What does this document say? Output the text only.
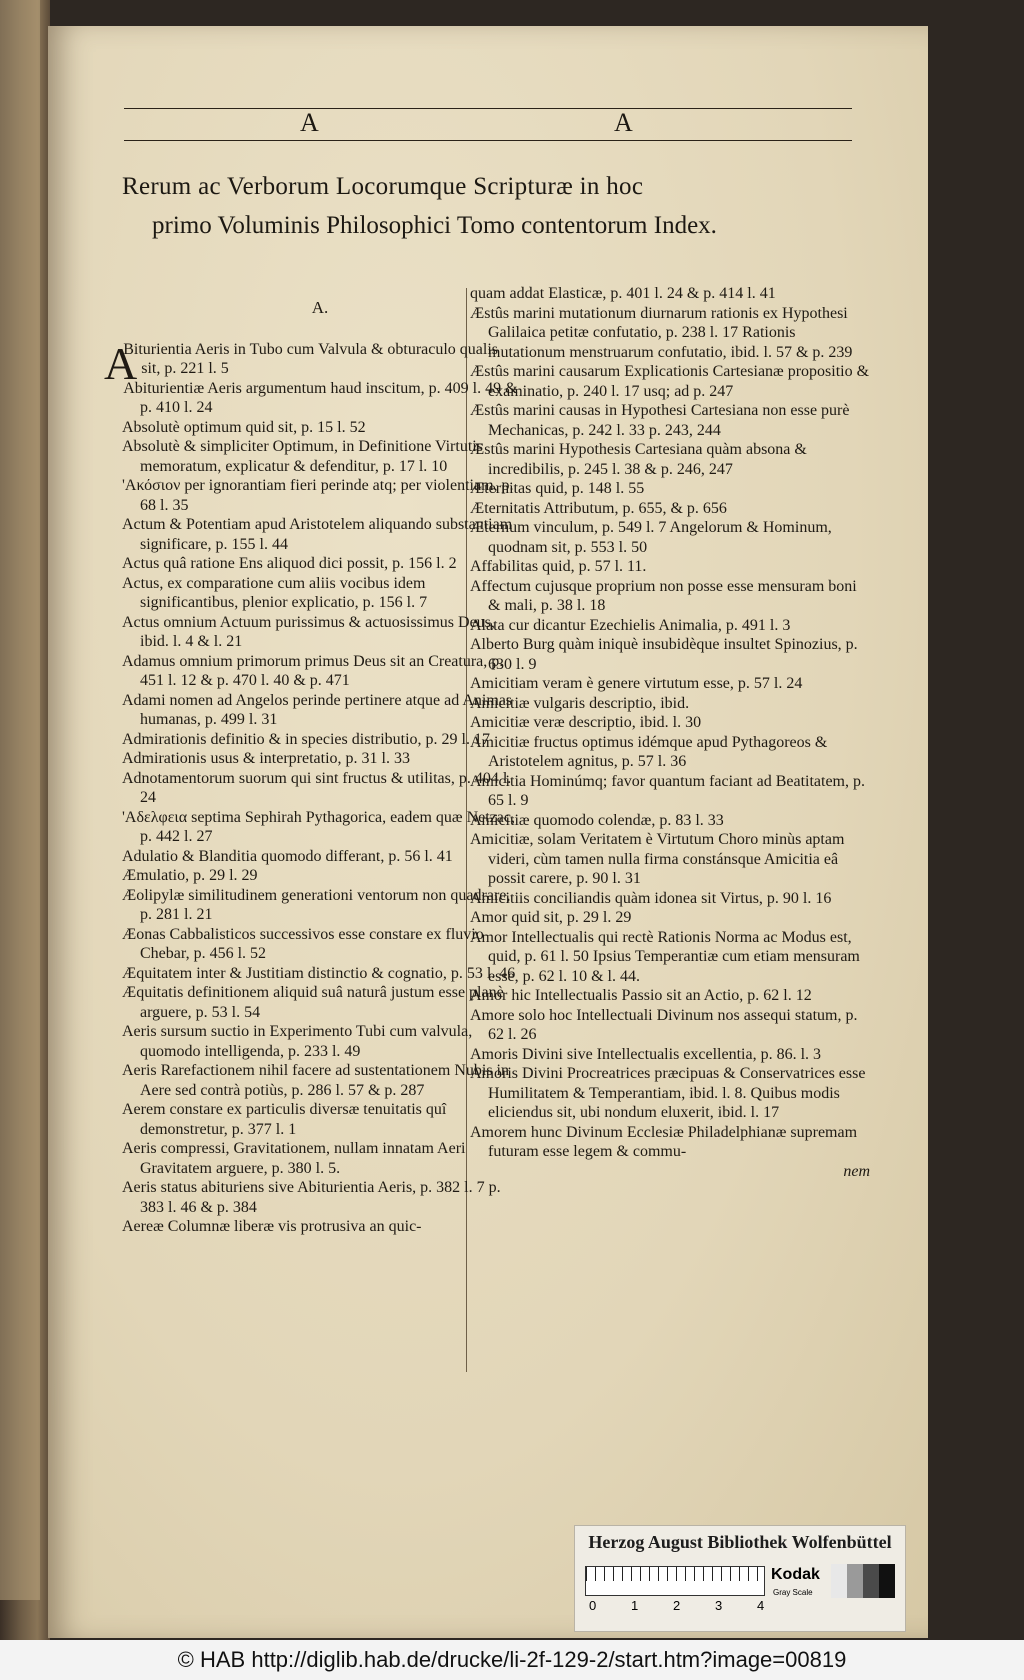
A	A
Rerum ac Verborum Locorumque Scripturæ in hoc
primo Voluminis Philosophici Tomo contentorum Index.
A.
A
Biturientia Aeris in Tubo cum Valvula & obturaculo qualis sit, p. 221 l. 5
Abiturientiæ Aeris argumentum haud inscitum, p. 409 l. 49 & p. 410 l. 24
Absolutè optimum quid sit, p. 15 l. 52
Absolutè & simpliciter Optimum, in Definitione Virtutis memoratum, explicatur & defenditur, p. 17 l. 10
'Ακόσιον per ignorantiam fieri perinde atq; per violentiam, p. 68 l. 35
Actum & Potentiam apud Aristotelem aliquando substantiam significare, p. 155 l. 44
Actus quâ ratione Ens aliquod dici possit, p. 156 l. 2
Actus, ex comparatione cum aliis vocibus idem significantibus, plenior explicatio, p. 156 l. 7
Actus omnium Actuum purissimus & actuosissimus Deus, ibid. l. 4 & l. 21
Adamus omnium primorum primus Deus sit an Creatura, p. 451 l. 12 & p. 470 l. 40 & p. 471
Adami nomen ad Angelos perinde pertinere atque ad Animas humanas, p. 499 l. 31
Admirationis definitio & in species distributio, p. 29 l. 17
Admirationis usus & interpretatio, p. 31 l. 33
Adnotamentorum suorum qui sint fructus & utilitas, p. 404 l. 24
'Αδελφεια septima Sephirah Pythagorica, eadem quæ Netzac, p. 442 l. 27
Adulatio & Blanditia quomodo differant, p. 56 l. 41
Æmulatio, p. 29 l. 29
Æolipylæ similitudinem generationi ventorum non quadrare, p. 281 l. 21
Æonas Cabbalisticos successivos esse constare ex fluvio Chebar, p. 456 l. 52
Æquitatem inter & Justitiam distinctio & cognatio, p. 53 l. 46
Æquitatis definitionem aliquid suâ naturâ justum esse planè arguere, p. 53 l. 54
Aeris sursum suctio in Experimento Tubi cum valvula, quomodo intelligenda, p. 233 l. 49
Aeris Rarefactionem nihil facere ad sustentationem Nubis in Aere sed contrà potiùs, p. 286 l. 57 & p. 287
Aerem constare ex particulis diversæ tenuitatis quî demonstretur, p. 377 l. 1
Aeris compressi, Gravitationem, nullam innatam Aeri Gravitatem arguere, p. 380 l. 5.
Aeris status abituriens sive Abiturientia Aeris, p. 382 l. 7 p. 383 l. 46 & p. 384
Aereæ Columnæ liberæ vis protrusiva an quic-
quam addat Elasticæ, p. 401 l. 24 & p. 414 l. 41
Æstûs marini mutationum diurnarum rationis ex Hypothesi Galilaica petitæ confutatio, p. 238 l. 17 Rationis mutationum menstruarum confutatio, ibid. l. 57 & p. 239
Æstûs marini causarum Explicationis Cartesianæ propositio & examinatio, p. 240 l. 17 usq; ad p. 247
Æstûs marini causas in Hypothesi Cartesiana non esse purè Mechanicas, p. 242 l. 33 p. 243, 244
Æstûs marini Hypothesis Cartesiana quàm absona & incredibilis, p. 245 l. 38 & p. 246, 247
Æternitas quid, p. 148 l. 55
Æternitatis Attributum, p. 655, & p. 656
Æternum vinculum, p. 549 l. 7 Angelorum & Hominum, quodnam sit, p. 553 l. 50
Affabilitas quid, p. 57 l. 11.
Affectum cujusque proprium non posse esse mensuram boni & mali, p. 38 l. 18
Alata cur dicantur Ezechielis Animalia, p. 491 l. 3
Alberto Burg quàm iniquè insubidèque insultet Spinozius, p. 630 l. 9
Amicitiam veram è genere virtutum esse, p. 57 l. 24
Amicitiæ vulgaris descriptio, ibid.
Amicitiæ veræ descriptio, ibid. l. 30
Amicitiæ fructus optimus idémque apud Pythagoreos & Aristotelem agnitus, p. 57 l. 36
Amicitia Hominúmq; favor quantum faciant ad Beatitatem, p. 65 l. 9
Amicitiæ quomodo colendæ, p. 83 l. 33
Amicitiæ, solam Veritatem è Virtutum Choro minùs aptam videri, cùm tamen nulla firma constánsque Amicitia eâ possit carere, p. 90 l. 31
Amicitiis conciliandis quàm idonea sit Virtus, p. 90 l. 16
Amor quid sit, p. 29 l. 29
Amor Intellectualis qui rectè Rationis Norma ac Modus est, quid, p. 61 l. 50 Ipsius Temperantiæ cum etiam mensuram esse, p. 62 l. 10 & l. 44.
Amor hic Intellectualis Passio sit an Actio, p. 62 l. 12
Amore solo hoc Intellectuali Divinum nos assequi statum, p. 62 l. 26
Amoris Divini sive Intellectualis excellentia, p. 86. l. 3
Amoris Divini Procreatrices præcipuas & Conservatrices esse Humilitatem & Temperantiam, ibid. l. 8. Quibus modis eliciendus sit, ubi nondum eluxerit, ibid. l. 17
Amorem hunc Divinum Ecclesiæ Philadelphianæ supremam futuram esse legem & commu-
nem
Herzog August Bibliothek Wolfenbüttel
0	1	2	3	4
Kodak
Gray Scale
© HAB http://diglib.hab.de/drucke/li-2f-129-2/start.htm?image=00819
